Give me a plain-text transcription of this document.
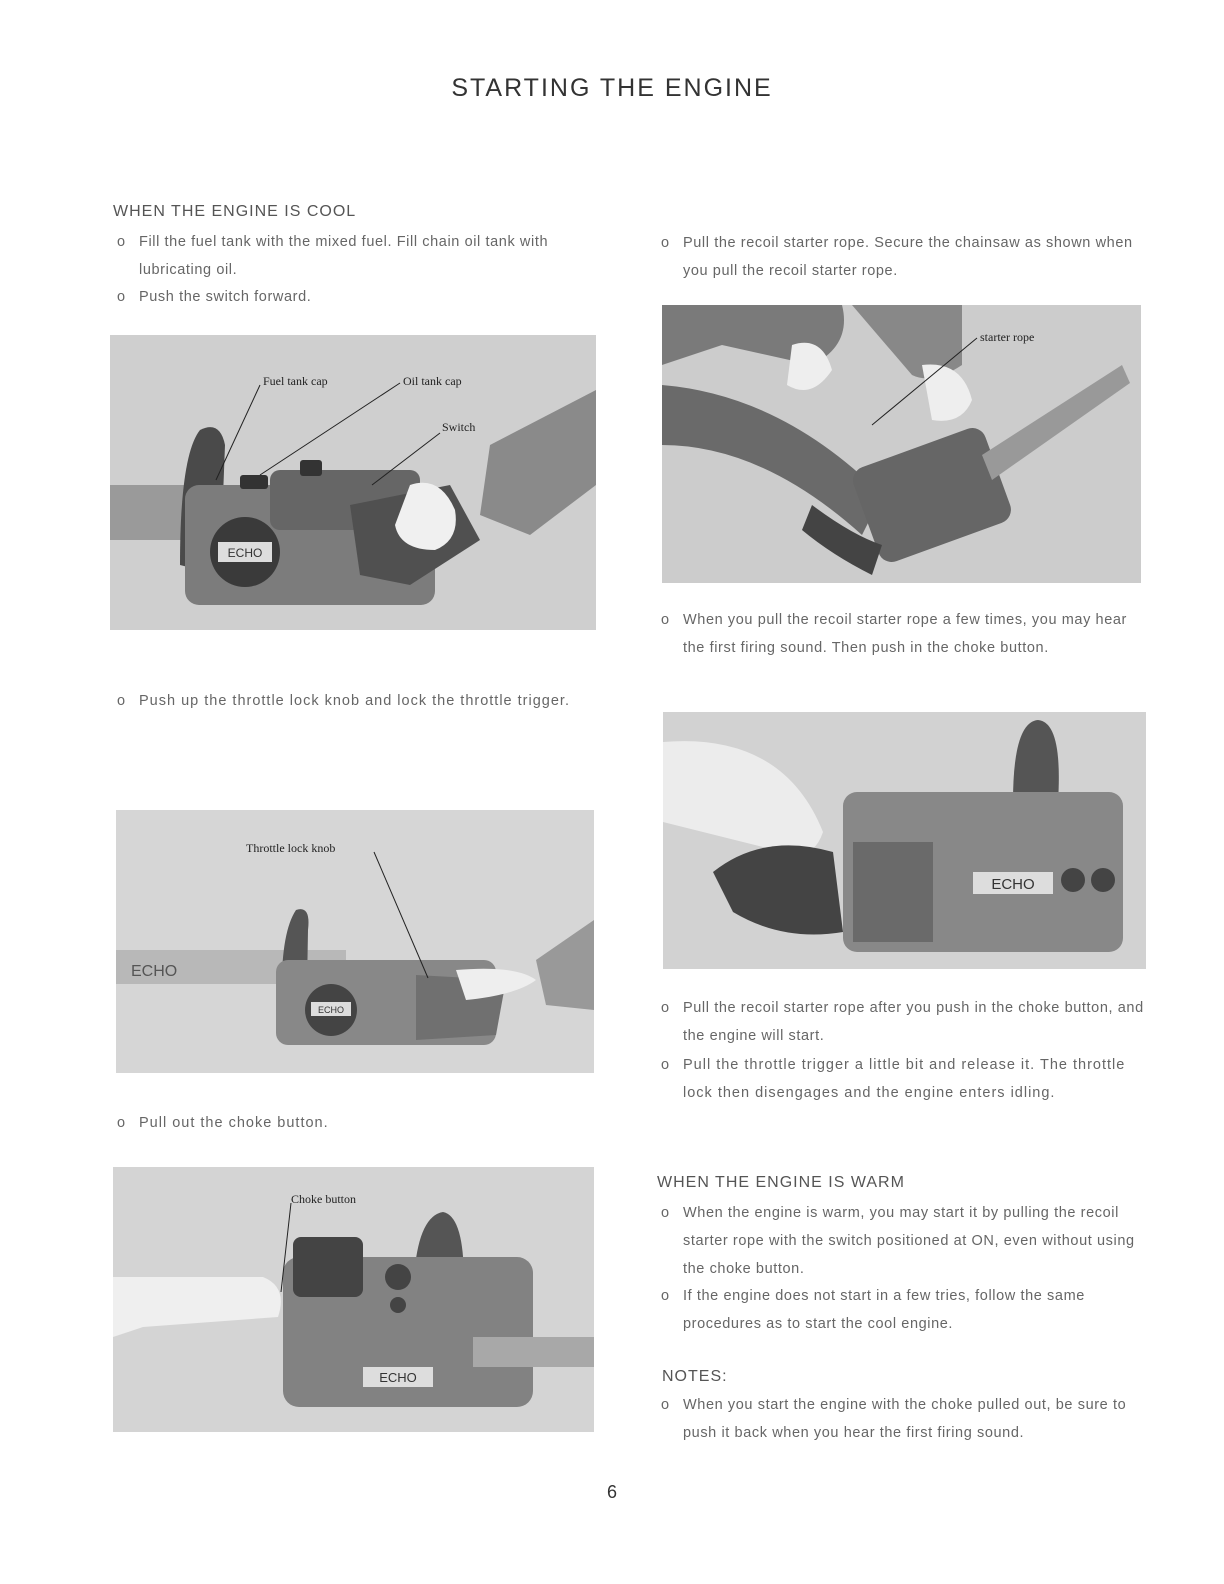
STARTING THE ENGINE
WHEN THE ENGINE IS COOL
o Fill the fuel tank with the mixed fuel. Fill chain oil tank with lubricating oil.
o Push the switch forward.
ECHO
Fuel tank cap	Oil tank cap
Switch
o Push up the throttle lock knob and lock the throttle trigger.
ECHO
ECHO
Throttle lock knob
o Pull out the choke button.
ECHO
Choke button
o Pull the recoil starter rope. Secure the chainsaw as shown when you pull the recoil starter rope.
starter rope
o When you pull the recoil starter rope a few times, you may hear the first firing sound. Then push in the choke button.
ECHO
o Pull the recoil starter rope after you push in the choke button, and the engine will start.
o Pull the throttle trigger a little bit and release it. The throttle lock then disengages and the engine enters idling.
WHEN THE ENGINE IS WARM
o When the engine is warm, you may start it by pulling the recoil starter rope with the switch positioned at ON, even without using the choke button.
o If the engine does not start in a few tries, follow the same procedures as to start the cool engine.
NOTES:
o When you start the engine with the choke pulled out, be sure to push it back when you hear the first firing sound.
6
